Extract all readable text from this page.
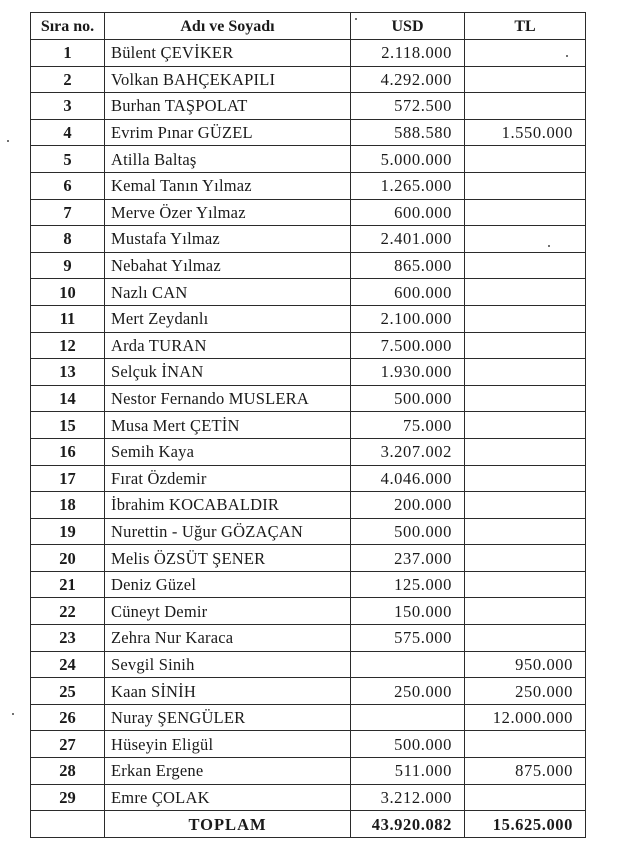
Sıra no.	Adı ve Soyadı	USD	TL
1	Bülent ÇEVİKER	2.118.000	
2	Volkan BAHÇEKAPILI	4.292.000	
3	Burhan TAŞPOLAT	572.500	
4	Evrim Pınar GÜZEL	588.580	1.550.000
5	Atilla Baltaş	5.000.000	
6	Kemal Tanın Yılmaz	1.265.000	
7	Merve Özer Yılmaz	600.000	
8	Mustafa Yılmaz	2.401.000	
9	Nebahat Yılmaz	865.000	
10	Nazlı CAN	600.000	
11	Mert Zeydanlı	2.100.000	
12	Arda TURAN	7.500.000	
13	Selçuk İNAN	1.930.000	
14	Nestor Fernando MUSLERA	500.000	
15	Musa Mert ÇETİN	75.000	
16	Semih Kaya	3.207.002	
17	Fırat Özdemir	4.046.000	
18	İbrahim KOCABALDIR	200.000	
19	Nurettin - Uğur GÖZAÇAN	500.000	
20	Melis ÖZSÜT ŞENER	237.000	
21	Deniz Güzel	125.000	
22	Cüneyt Demir	150.000	
23	Zehra Nur Karaca	575.000	
24	Sevgil Sinih		950.000
25	Kaan SİNİH	250.000	250.000
26	Nuray ŞENGÜLER		12.000.000
27	Hüseyin Eligül	500.000	
28	Erkan Ergene	511.000	875.000
29	Emre ÇOLAK	3.212.000	
	TOPLAM	43.920.082	15.625.000
